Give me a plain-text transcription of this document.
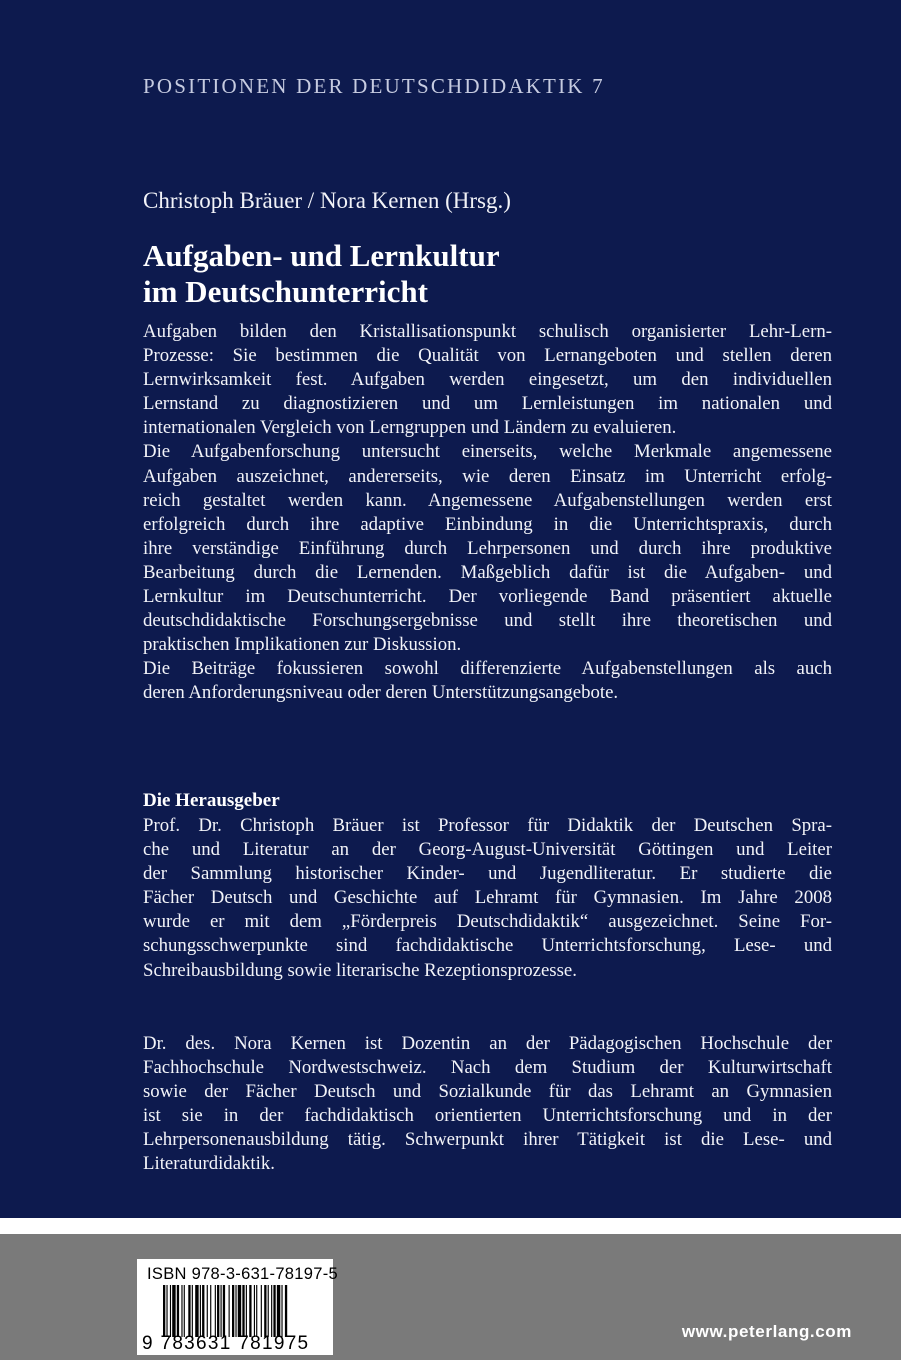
POSITIONEN DER DEUTSCHDIDAKTIK 7
Christoph Bräuer / Nora Kernen (Hrsg.)
Aufgaben- und Lernkultur
im Deutschunterricht
Aufgaben bilden den Kristallisationspunkt schulisch organisierter Lehr-Lern-
Prozesse: Sie bestimmen die Qualität von Lernangeboten und stellen deren
Lernwirksamkeit fest. Aufgaben werden eingesetzt, um den individuellen
Lernstand zu diagnostizieren und um Lernleistungen im nationalen und
internationalen Vergleich von Lerngruppen und Ländern zu evaluieren.
Die Aufgabenforschung untersucht einerseits, welche Merkmale angemessene
Aufgaben auszeichnet, andererseits, wie deren Einsatz im Unterricht erfolg-
reich gestaltet werden kann. Angemessene Aufgabenstellungen werden erst
erfolgreich durch ihre adaptive Einbindung in die Unterrichtspraxis, durch
ihre verständige Einführung durch Lehrpersonen und durch ihre produktive
Bearbeitung durch die Lernenden. Maßgeblich dafür ist die Aufgaben- und
Lernkultur im Deutschunterricht. Der vorliegende Band präsentiert aktuelle
deutschdidaktische Forschungsergebnisse und stellt ihre theoretischen und
praktischen Implikationen zur Diskussion.
Die Beiträge fokussieren sowohl differenzierte Aufgabenstellungen als auch
deren Anforderungsniveau oder deren Unterstützungsangebote.
Die Herausgeber
Prof. Dr. Christoph Bräuer ist Professor für Didaktik der Deutschen Spra-
che und Literatur an der Georg-August-Universität Göttingen und Leiter
der Sammlung historischer Kinder- und Jugendliteratur. Er studierte die
Fächer Deutsch und Geschichte auf Lehramt für Gymnasien. Im Jahre 2008
wurde er mit dem „Förderpreis Deutschdidaktik“ ausgezeichnet. Seine For-
schungsschwerpunkte sind fachdidaktische Unterrichtsforschung, Lese- und
Schreibausbildung sowie literarische Rezeptionsprozesse.
Dr. des. Nora Kernen ist Dozentin an der Pädagogischen Hochschule der
Fachhochschule Nordwestschweiz. Nach dem Studium der Kulturwirtschaft
sowie der Fächer Deutsch und Sozialkunde für das Lehramt an Gymnasien
ist sie in der fachdidaktisch orientierten Unterrichtsforschung und in der
Lehrpersonenausbildung tätig. Schwerpunkt ihrer Tätigkeit ist die Lese- und
Literaturdidaktik.
ISBN 978-3-631-78197-5
9 783631 781975
www.peterlang.com
